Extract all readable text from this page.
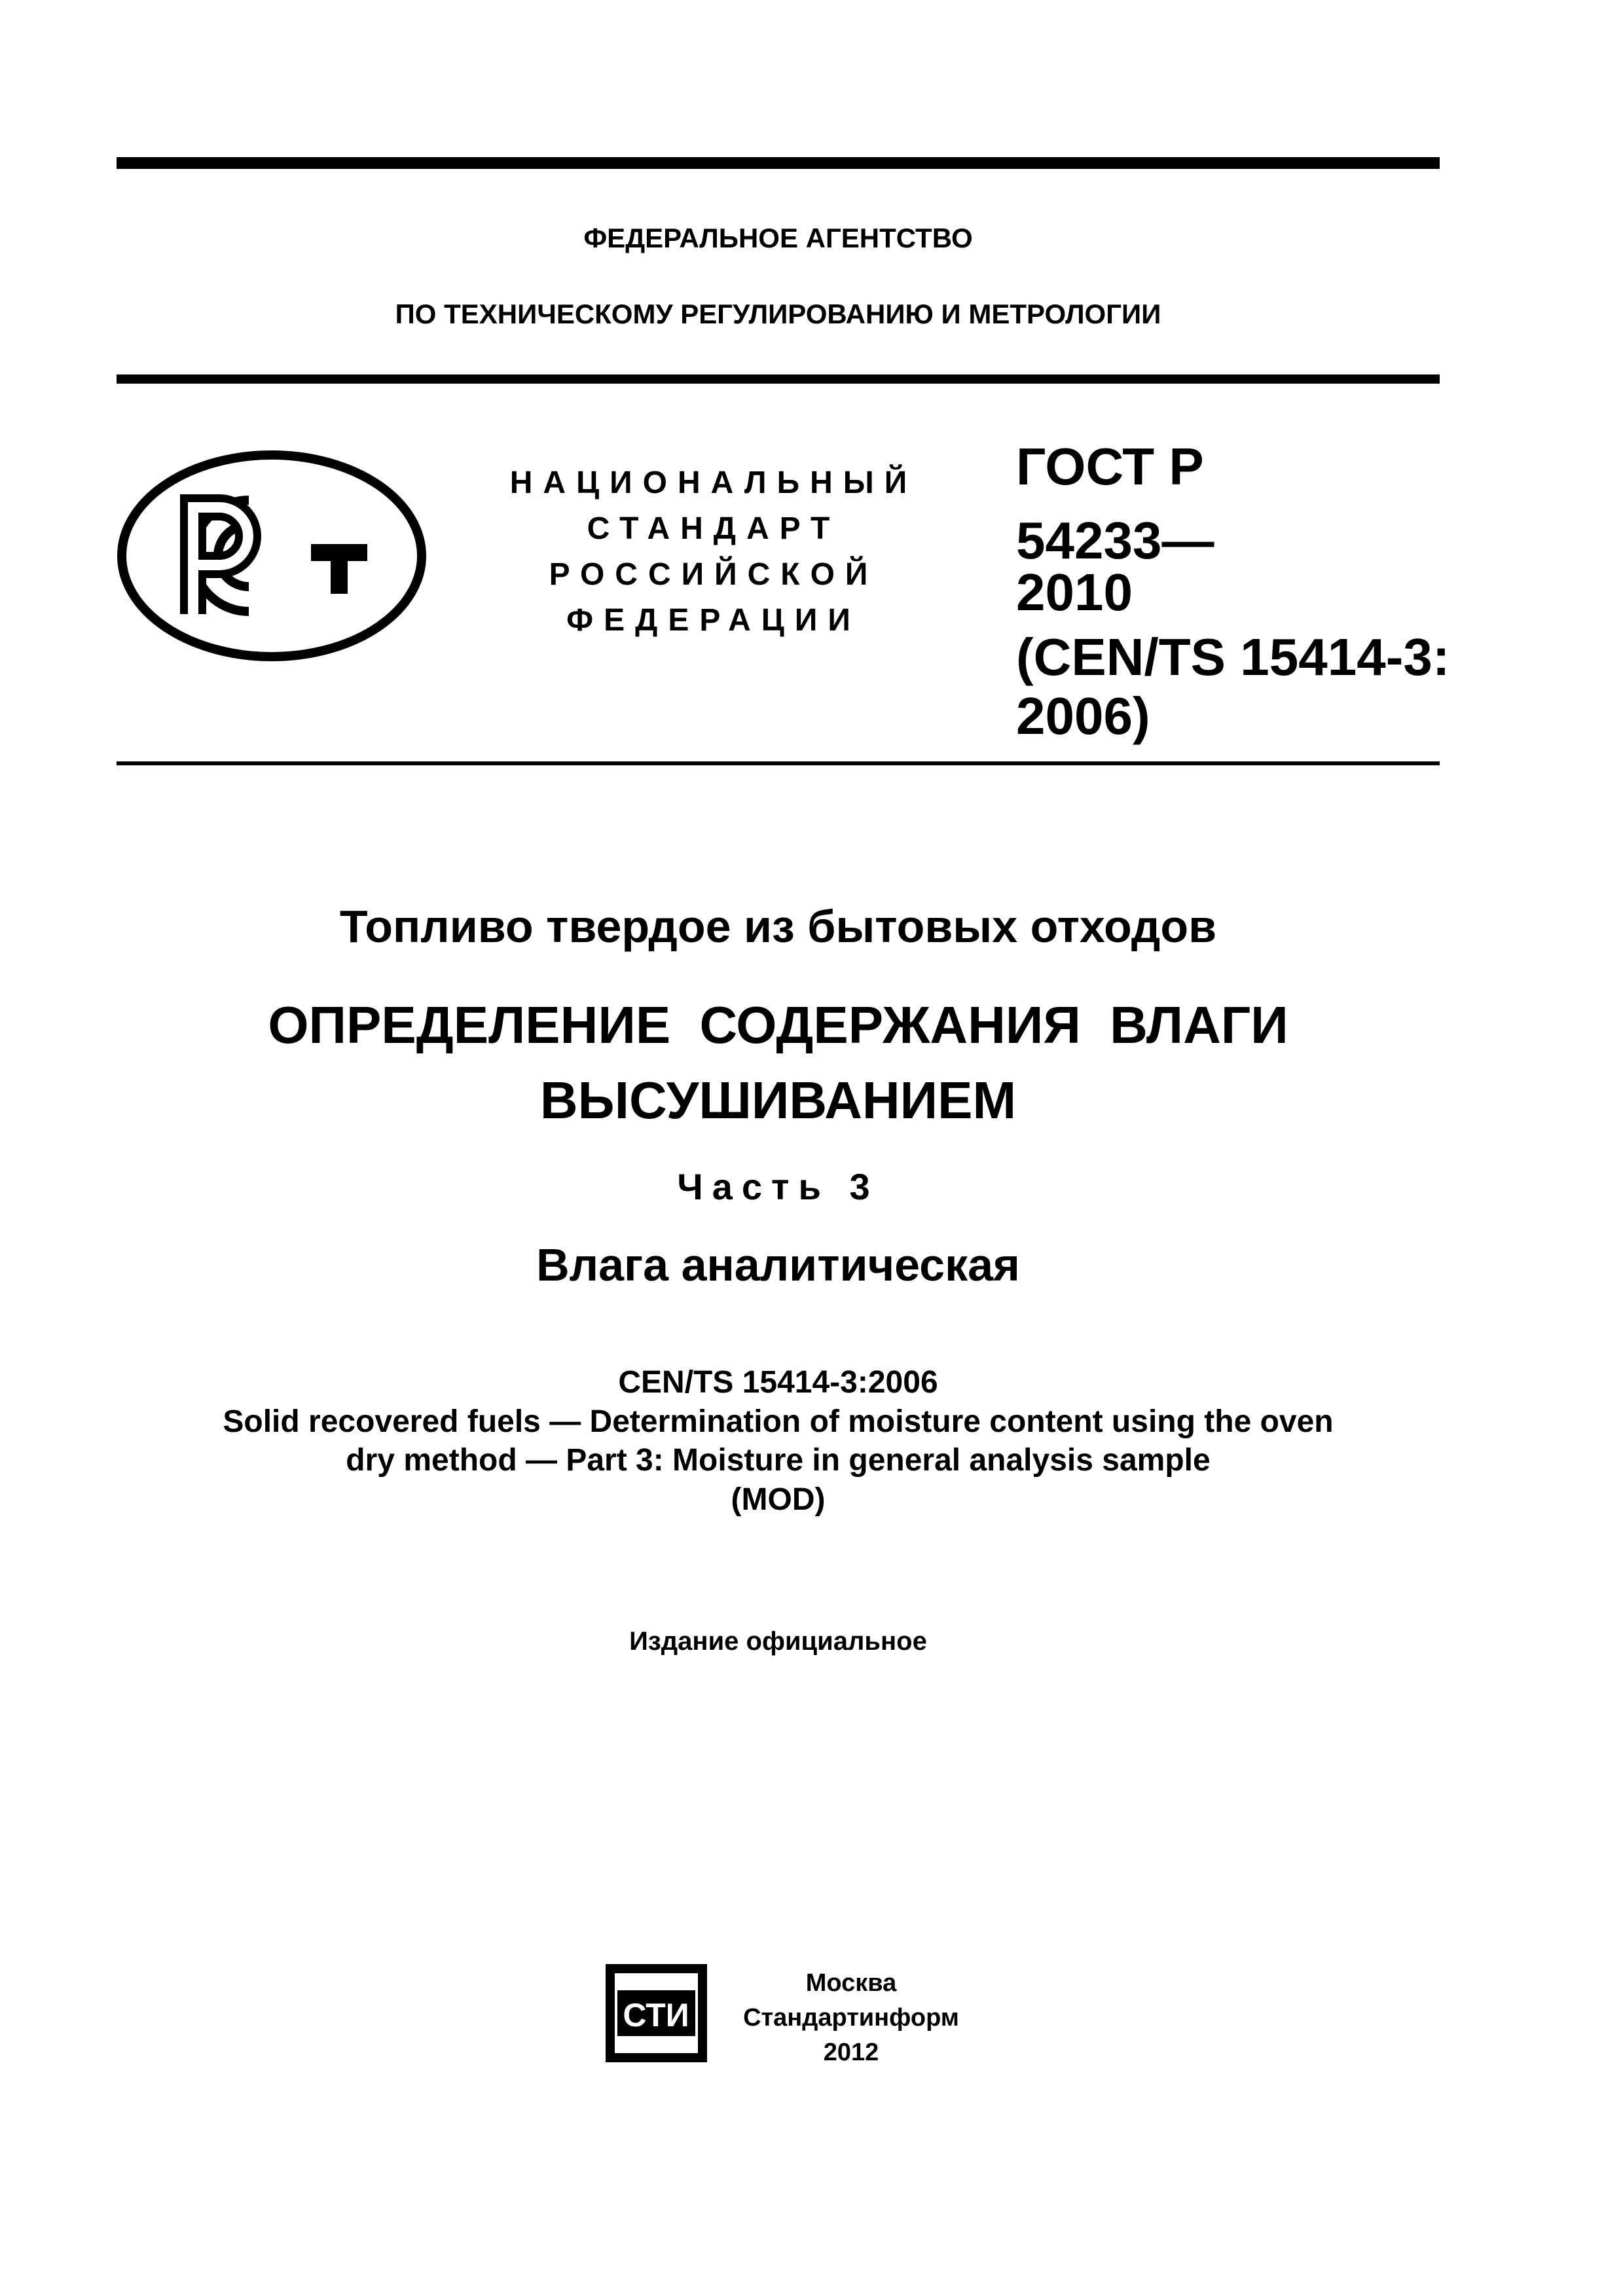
ФЕДЕРАЛЬНОЕ АГЕНТСТВО
ПО ТЕХНИЧЕСКОМУ РЕГУЛИРОВАНИЮ И МЕТРОЛОГИИ
НАЦИОНАЛЬНЫЙ
СТАНДАРТ
РОССИЙСКОЙ
ФЕДЕРАЦИИ
ГОСТ Р
54233—
2010
(CEN/TS 15414-3:
2006)
Топливо твердое из бытовых отходов
ОПРЕДЕЛЕНИЕ СОДЕРЖАНИЯ ВЛАГИ
ВЫСУШИВАНИЕМ
Часть 3
Влага аналитическая
CEN/TS 15414-3:2006
Solid recovered fuels — Determination of moisture content using the oven
dry method — Part 3: Moisture in general analysis sample
(MOD)
Издание официальное
СТИ
Москва
Стандартинформ
2012
